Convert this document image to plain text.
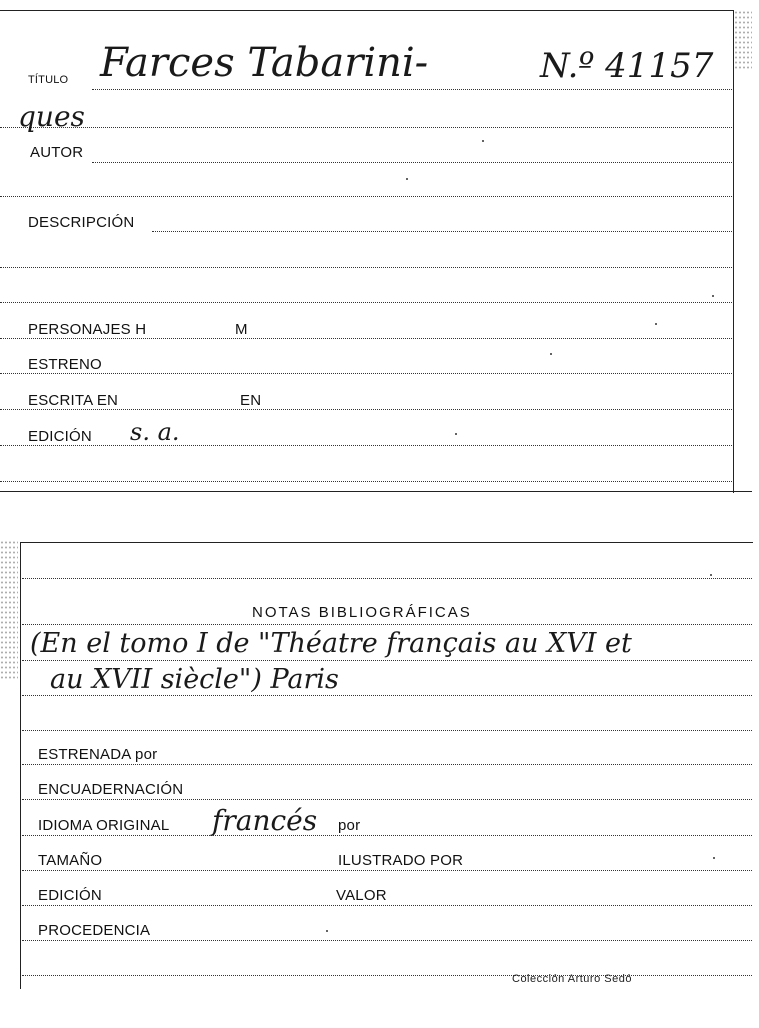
TÍTULO Farces Tabarini-	N.º 41157
ques
AUTOR
DESCRIPCIÓN
PERSONAJES H	M
ESTRENO
ESCRITA EN	EN
EDICIÓN s. a.
NOTAS BIBLIOGRÁFICAS
(En el tomo I de "Théatre français au XVI et
au XVII siècle") Paris
ESTRENADA por
ENCUADERNACIÓN
IDIOMA ORIGINAL francés por
TAMAÑO	ILUSTRADO POR
EDICIÓN	VALOR
PROCEDENCIA
Colección Arturo Sedó
